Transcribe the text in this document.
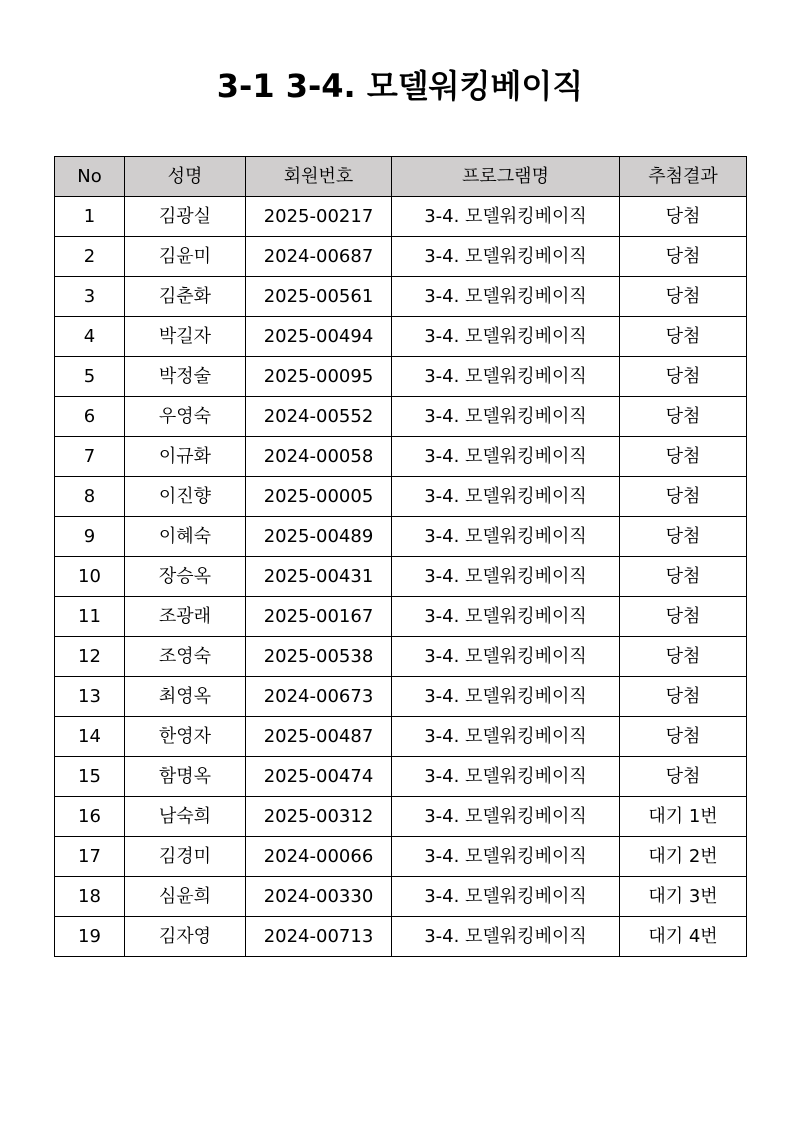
3-1 3-4. 모델워킹베이직
No	성명	회원번호	프로그램명	추첨결과
1	김광실	2025-00217	3-4. 모델워킹베이직	당첨
2	김윤미	2024-00687	3-4. 모델워킹베이직	당첨
3	김춘화	2025-00561	3-4. 모델워킹베이직	당첨
4	박길자	2025-00494	3-4. 모델워킹베이직	당첨
5	박정술	2025-00095	3-4. 모델워킹베이직	당첨
6	우영숙	2024-00552	3-4. 모델워킹베이직	당첨
7	이규화	2024-00058	3-4. 모델워킹베이직	당첨
8	이진향	2025-00005	3-4. 모델워킹베이직	당첨
9	이혜숙	2025-00489	3-4. 모델워킹베이직	당첨
10	장승옥	2025-00431	3-4. 모델워킹베이직	당첨
11	조광래	2025-00167	3-4. 모델워킹베이직	당첨
12	조영숙	2025-00538	3-4. 모델워킹베이직	당첨
13	최영옥	2024-00673	3-4. 모델워킹베이직	당첨
14	한영자	2025-00487	3-4. 모델워킹베이직	당첨
15	함명옥	2025-00474	3-4. 모델워킹베이직	당첨
16	남숙희	2025-00312	3-4. 모델워킹베이직	대기 1번
17	김경미	2024-00066	3-4. 모델워킹베이직	대기 2번
18	심윤희	2024-00330	3-4. 모델워킹베이직	대기 3번
19	김자영	2024-00713	3-4. 모델워킹베이직	대기 4번
